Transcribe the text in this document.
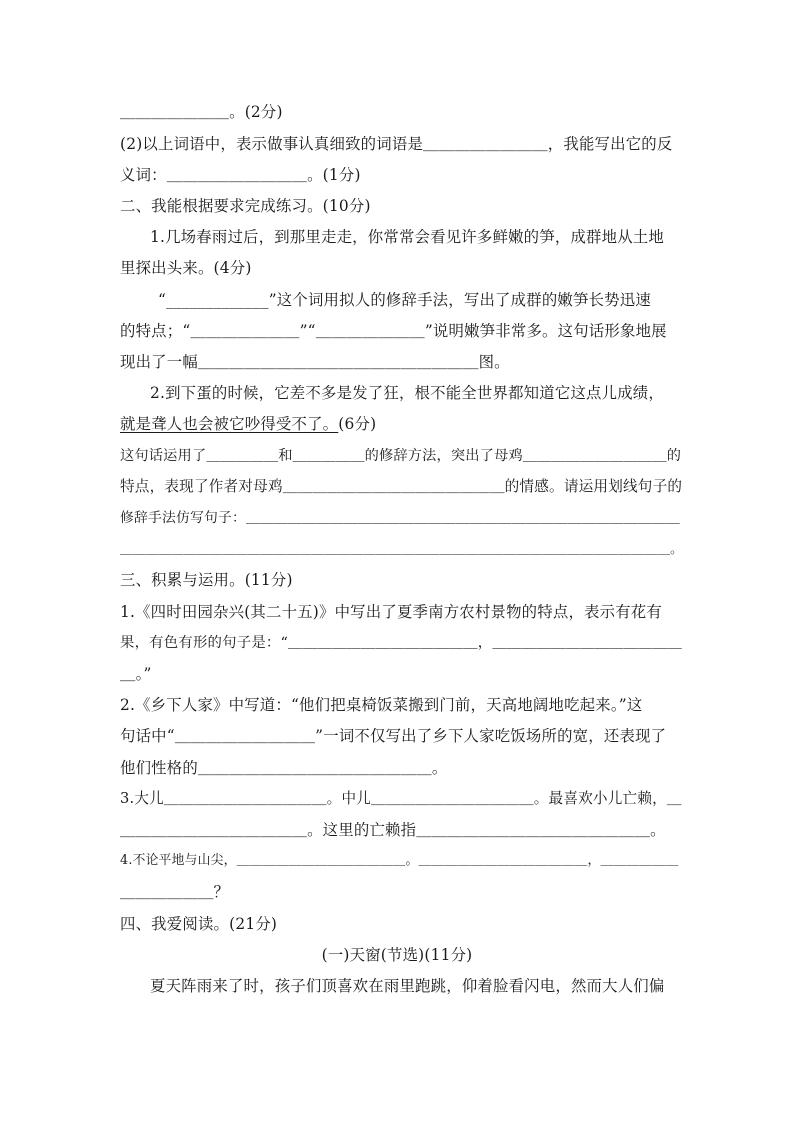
＿＿＿＿＿＿＿。(2分)

(2)以上词语中，表示做事认真细致的词语是＿＿＿＿＿＿＿＿，我能写出它的反

义词：＿＿＿＿＿＿＿＿＿。(1分)

二、我能根据要求完成练习。(10分)

1.几场春雨过后，到那里走走，你常常会看见许多鲜嫩的笋，成群地从土地

里探出头来。(4分)

“_____________”这个词用拟人的修辞手法，写出了成群的嫩笋长势迅速

的特点；“＿＿＿＿＿＿＿”“＿＿＿＿＿＿＿”说明嫩笋非常多。这句话形象地展

现出了一幅＿＿＿＿＿＿＿＿＿＿＿＿＿＿＿＿＿＿图。

2.到下蛋的时候，它差不多是发了狂，根不能全世界都知道它这点儿成绩，

就是聋人也会被它吵得受不了。(6分)

这句话运用了＿＿＿＿＿和＿＿＿＿＿的修辞方法，突出了母鸡＿＿＿＿＿＿＿＿＿＿的

特点，表现了作者对母鸡＿＿＿＿＿＿＿＿＿＿＿＿＿＿＿的情感。请运用划线句子的

修辞手法仿写句子：＿＿＿＿＿＿＿＿＿＿＿＿＿＿＿＿＿＿＿＿＿＿＿＿＿＿＿＿＿＿＿

＿＿＿＿＿＿＿＿＿＿＿＿＿＿＿＿＿＿＿＿＿＿＿＿＿＿＿＿＿＿＿＿＿＿＿＿＿＿＿＿＿＿＿。

三、积累与运用。(11分)

1.《四时田园杂兴(其二十五)》中写出了夏季南方农村景物的特点，表示有花有

果，有色有形的句子是：“＿＿＿＿＿＿＿＿＿＿＿＿＿，＿＿＿＿＿＿＿＿＿＿＿＿＿

＿。”

2.《乡下人家》中写道：“他们把桌椅饭菜搬到门前，天高地阔地吃起来。”这

句话中“＿＿＿＿＿＿＿＿＿”一词不仅写出了乡下人家吃饭场所的宽，还表现了

他们性格的＿＿＿＿＿＿＿＿＿＿＿＿＿＿＿。

3.大儿＿＿＿＿＿＿＿＿＿＿＿。中儿＿＿＿＿＿＿＿＿＿＿＿。最喜欢小儿亡赖，＿

＿＿＿＿＿＿＿＿＿＿＿＿。这里的亡赖指＿＿＿＿＿＿＿＿＿＿＿＿＿＿＿。

4.不论平地与山尖，＿＿＿＿＿＿＿＿＿＿＿＿＿。＿＿＿＿＿＿＿＿＿＿＿＿＿，＿＿＿＿＿＿

＿＿＿＿＿＿？

四、我爱阅读。(21分)

(一)天窗(节选)(11分)

夏天阵雨来了时，孩子们顶喜欢在雨里跑跳，仰着脸看闪电，然而大人们偏
